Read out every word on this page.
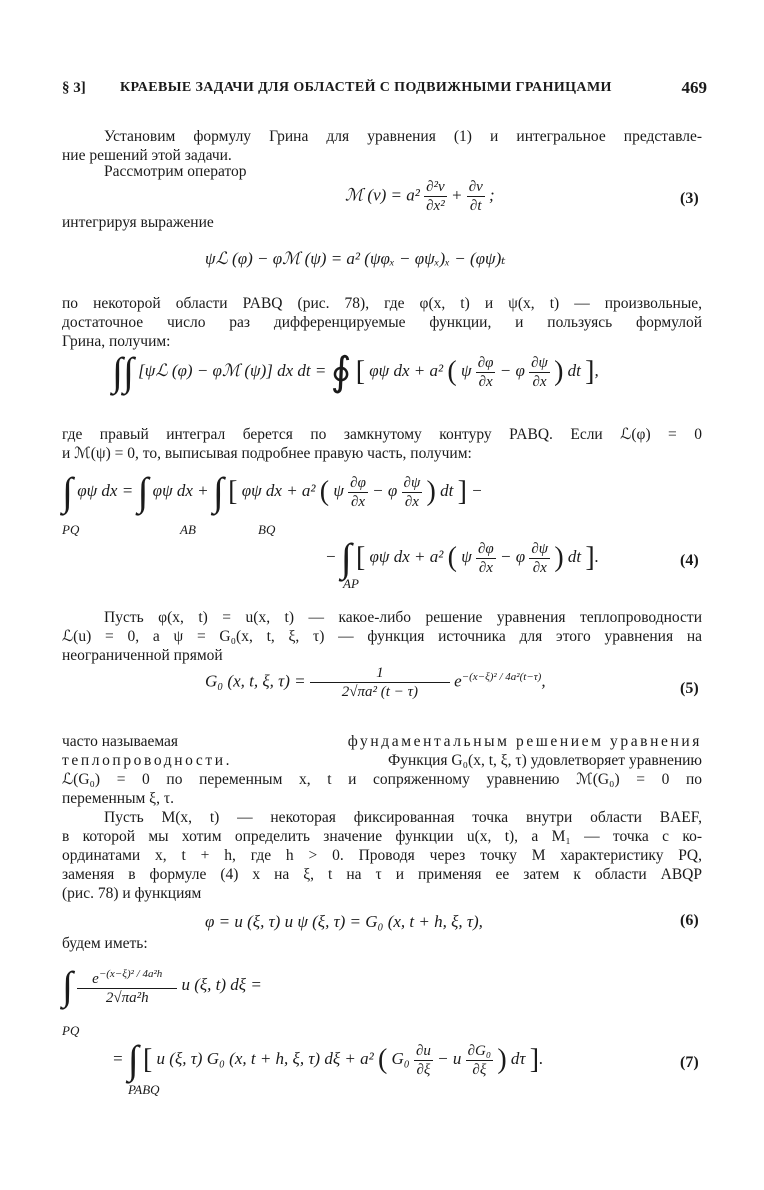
§ 3] КРАЕВЫЕ ЗАДАЧИ ДЛЯ ОБЛАСТЕЙ С ПОДВИЖНЫМИ ГРАНИЦАМИ	469
Установим формулу Грина для уравнения (1) и интегральное представле-
ние решений этой задачи.
Рассмотрим оператор
ℳ $(v) = a^2 \frac{\text{∂²v}}{\text{∂x²}} + \frac{\partial v}{\partial t}$ ;	(3)
интегрируя выражение
ψℒ (φ) − φℳ (ψ) = a² (ψφₓ − φψₓ)ₓ − (φψ)ₜ
по некоторой области PABQ (рис. 78), где φ(x, t) и ψ(x, t) — произвольные,
достаточное число раз дифференцируемые функции, и пользуясь формулой
Грина, получим:
∫∫ [ψℒ (φ) − φℳ (ψ)] dx dt = ∮ [ φψ dx + a² ( ψ $\frac{\partial\varphi}{\partial x} - \varphi \frac{\partial\psi}{\partial x}$ ) dt ],
где правый интеграл берется по замкнутому контуру PABQ. Если ℒ(φ) = 0
и ℳ(ψ) = 0, то, выписывая подробнее правую часть, получим:
∫ φψ dx = ∫ φψ dx + ∫ [ φψ dx + a² ( ψ $\frac{\partial\varphi}{\partial x} - \varphi \frac{\partial\psi}{\partial x}$ ) dt ] −
PQ	AB	BQ
− ∫ [ φψ dx + a² ( ψ $\frac{\partial\varphi}{\partial x} - \varphi \frac{\partial\psi}{\partial x}$ ) dt ].
AP
(4)
Пусть φ(x, t) = u(x, t) — какое-либо решение уравнения теплопроводности
ℒ(u) = 0, а ψ = G₀(x, t, ξ, τ) — функция источника для этого уравнения на
неограниченной прямой
G₀ (x, t, ξ, $\tau) = \frac{1}{\text{2√πa² (t − τ)}} e^{-(x-\xi)^2 / 4a^2(t-\tau)}$,	(5)
часто называемая	фундаментальным решением уравнения
теплопроводности.	Функция G₀(x, t, ξ, τ) удовлетворяет уравнению
ℒ(G₀) = 0 по переменным x, t и сопряженному уравнению ℳ(G₀) = 0 по
переменным ξ, τ.
Пусть M(x, t) — некоторая фиксированная точка внутри области BAEF,
в которой мы хотим определить значение функции u(x, t), а M₁ — точка с ко-
ординатами x, t + h, где h > 0. Проводя через точку M характеристику PQ,
заменяя в формуле (4) x на ξ, t на τ и применяя ее затем к области ABQP
(рис. 78) и функциям
φ = u (ξ, τ) и ψ (ξ, τ) = G₀ (x, t + h, ξ, τ),	(6)
будем иметь:
∫ $\frac{e^{-(x-\xi)^2 / 4a^2h}}{\text{2√πa²h}}$ u (ξ, t) dξ =
PQ
= ∫ [ u (ξ, τ) G₀ (x, t + h, ξ, τ) dξ + a² ( $G_0 \frac{\partial u}{\partial\xi} - u \frac{\text{∂G₀}}{\partial\xi}$ ) dτ ].
PABQ
(7)
